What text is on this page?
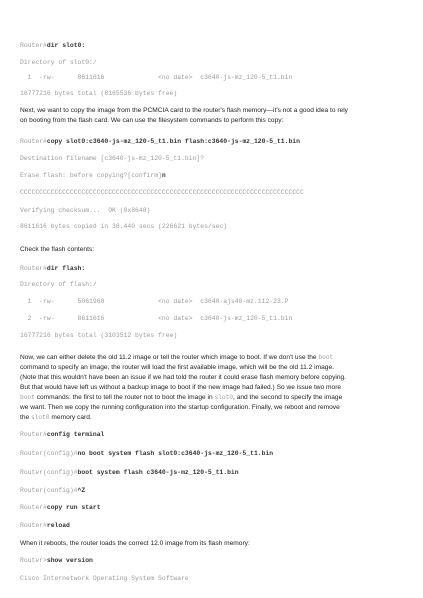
Router#dir slot0:
Directory of slot0:/
1  -rw-      8611616              <no date>  c3640-js-mz_120-5_t1.bin
16777216 bytes total (8165536 bytes free)
Next, we want to copy the image from the PCMCIA card to the router's flash memory—it's not a good idea to rely
on booting from the flash card. We can use the filesystem commands to perform this copy:
Router#copy slot0:c3640-js-mz_120-5_t1.bin flash:c3640-js-mz_120-5_t1.bin
Destination filename [c3640-js-mz_120-5_t1.bin]?
Erase flash: before copying?[confirm]n
CCCCCCCCCCCCCCCCCCCCCCCCCCCCCCCCCCCCCCCCCCCCCCCCCCCCCCCCCCCCCCCCCCCCCCCCCC
Verifying checksum...  OK (0x8648)
8611616 bytes copied in 38.440 secs (226621 bytes/sec)
Check the flash contents:
Router#dir flash:
Directory of flash:/
1  -rw-      5061960              <no date>  c3640-ajs40-mz.112-23.P
2  -rw-      8611616              <no date>  c3640-js-mz_120-5_t1.bin
16777216 bytes total (3103512 bytes free)
Now, we can either delete the old 11.2 image or tell the router which image to boot. If we don't use the boot
command to specify an image, the router will load the first available image, which will be the old 11.2 image.
(Note that this wouldn't have been an issue if we had told the router it could erase flash memory before copying.
But that would have left us without a backup image to boot if the new image had failed.) So we issue two more
boot commands: the first to tell the router not to boot the image in slot0, and the second to specify the image
we want. Then we copy the running configuration into the startup configuration. Finally, we reboot and remove
the slot0 memory card.
Router#config terminal
Router(config)#no boot system flash slot0:c3640-js-mz_120-5_t1.bin
Router(config)#boot system flash c3640-js-mz_120-5_t1.bin
Router(config)#^Z
Router#copy run start
Router#reload
When it reboots, the router loads the correct 12.0 image from its flash memory:
Router>show version
Cisco Internetwork Operating System Software
